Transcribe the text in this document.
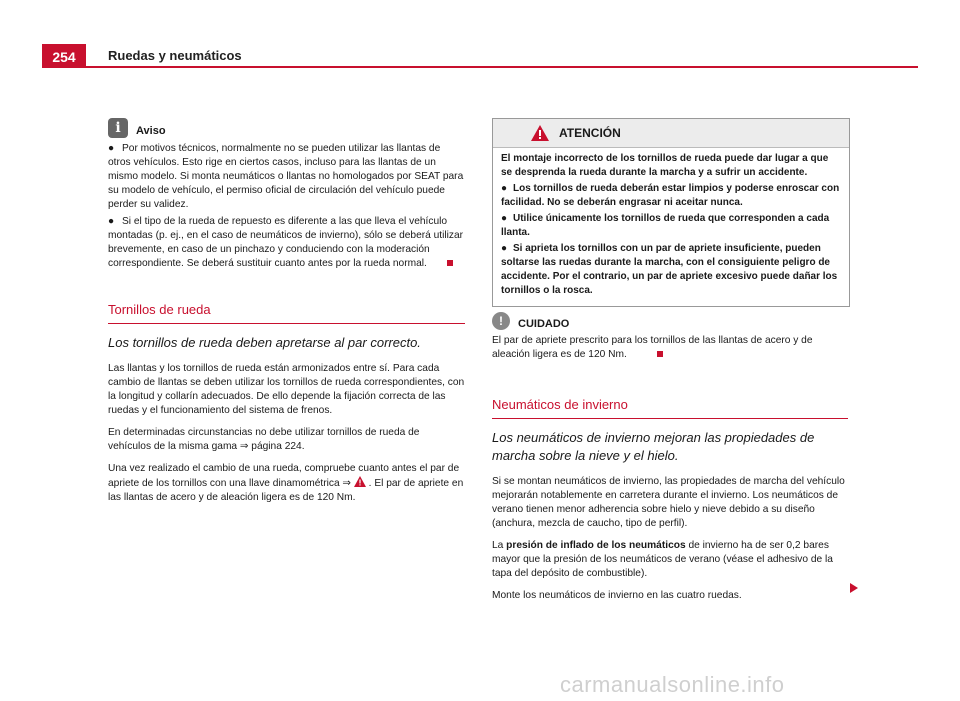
254	Ruedas y neumáticos
i	Aviso

● Por motivos técnicos, normalmente no se pueden utilizar las llantas de otros vehículos. Esto rige en ciertos casos, incluso para las llantas de un mismo modelo. Si monta neumáticos o llantas no homologados por SEAT para su modelo de vehículo, el permiso oficial de circulación del vehículo puede perder su validez.

● Si el tipo de la rueda de repuesto es diferente a las que lleva el vehículo montadas (p. ej., en el caso de neumáticos de invierno), sólo se deberá utilizar brevemente, en caso de un pinchazo y conduciendo con la moderación correspondiente. Se deberá sustituir cuanto antes por la rueda normal.

Tornillos de rueda
Los tornillos de rueda deben apretarse al par correcto.

Las llantas y los tornillos de rueda están armonizados entre sí. Para cada cambio de llantas se deben utilizar los tornillos de rueda correspondientes, con la longitud y collarín adecuados. De ello depende la fijación correcta de las ruedas y el funcionamiento del sistema de frenos.

En determinadas circunstancias no debe utilizar tornillos de rueda de vehículos de la misma gama ⇒ página 224.

Una vez realizado el cambio de una rueda, compruebe cuanto antes el par de apriete de los tornillos con una llave dinamométrica ⇒ . El par de apriete en las llantas de acero y de aleación ligera es de 120 Nm.

ATENCIÓN

El montaje incorrecto de los tornillos de rueda puede dar lugar a que se desprenda la rueda durante la marcha y a sufrir un accidente.

● Los tornillos de rueda deberán estar limpios y poderse enroscar con facilidad. No se deberán engrasar ni aceitar nunca.

● Utilice únicamente los tornillos de rueda que corresponden a cada llanta.

● Si aprieta los tornillos con un par de apriete insuficiente, pueden soltarse las ruedas durante la marcha, con el consiguiente peligro de accidente. Por el contrario, un par de apriete excesivo puede dañar los tornillos o la rosca.

!	CUIDADO

El par de apriete prescrito para los tornillos de las llantas de acero y de aleación ligera es de 120 Nm.

Neumáticos de invierno
Los neumáticos de invierno mejoran las propiedades de marcha sobre la nieve y el hielo.

Si se montan neumáticos de invierno, las propiedades de marcha del vehículo mejorarán notablemente en carretera durante el invierno. Los neumáticos de verano tienen menor adherencia sobre hielo y nieve debido a su diseño (anchura, mezcla de caucho, tipo de perfil).

La presión de inflado de los neumáticos de invierno ha de ser 0,2 bares mayor que la presión de los neumáticos de verano (véase el adhesivo de la tapa del depósito de combustible).

Monte los neumáticos de invierno en las cuatro ruedas.

carmanualsonline.info
